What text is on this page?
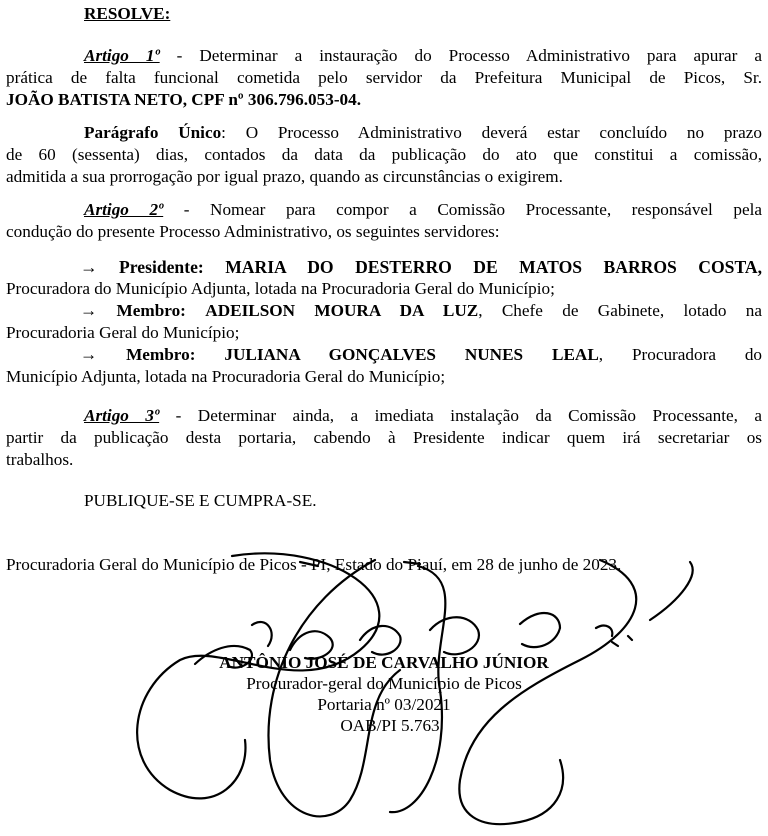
RESOLVE:
Artigo 1º - Determinar a instauração do Processo Administrativo para apurar a
prática de falta funcional cometida pelo servidor da Prefeitura Municipal de Picos, Sr.
JOÃO BATISTA NETO, CPF nº 306.796.053-04.
Parágrafo Único: O Processo Administrativo deverá estar concluído no prazo
de 60 (sessenta) dias, contados da data da publicação do ato que constitui a comissão,
admitida a sua prorrogação por igual prazo, quando as circunstâncias o exigirem.
Artigo 2º - Nomear para compor a Comissão Processante, responsável pela
condução do presente Processo Administrativo, os seguintes servidores:
→ Presidente: MARIA DO DESTERRO DE MATOS BARROS COSTA,
Procuradora do Município Adjunta, lotada na Procuradoria Geral do Município;
→ Membro: ADEILSON MOURA DA LUZ, Chefe de Gabinete, lotado na
Procuradoria Geral do Município;
→ Membro: JULIANA GONÇALVES NUNES LEAL, Procuradora do
Município Adjunta, lotada na Procuradoria Geral do Município;
Artigo 3º - Determinar ainda, a imediata instalação da Comissão Processante, a
partir da publicação desta portaria, cabendo à Presidente indicar quem irá secretariar os
trabalhos.
PUBLIQUE-SE E CUMPRA-SE.
Procuradoria Geral do Município de Picos - PI, Estado do Piauí, em 28 de junho de 2023.
ANTÔNIO JOSÉ DE CARVALHO JÚNIOR
Procurador-geral do Município de Picos
Portaria nº 03/2021
OAB/PI 5.763
